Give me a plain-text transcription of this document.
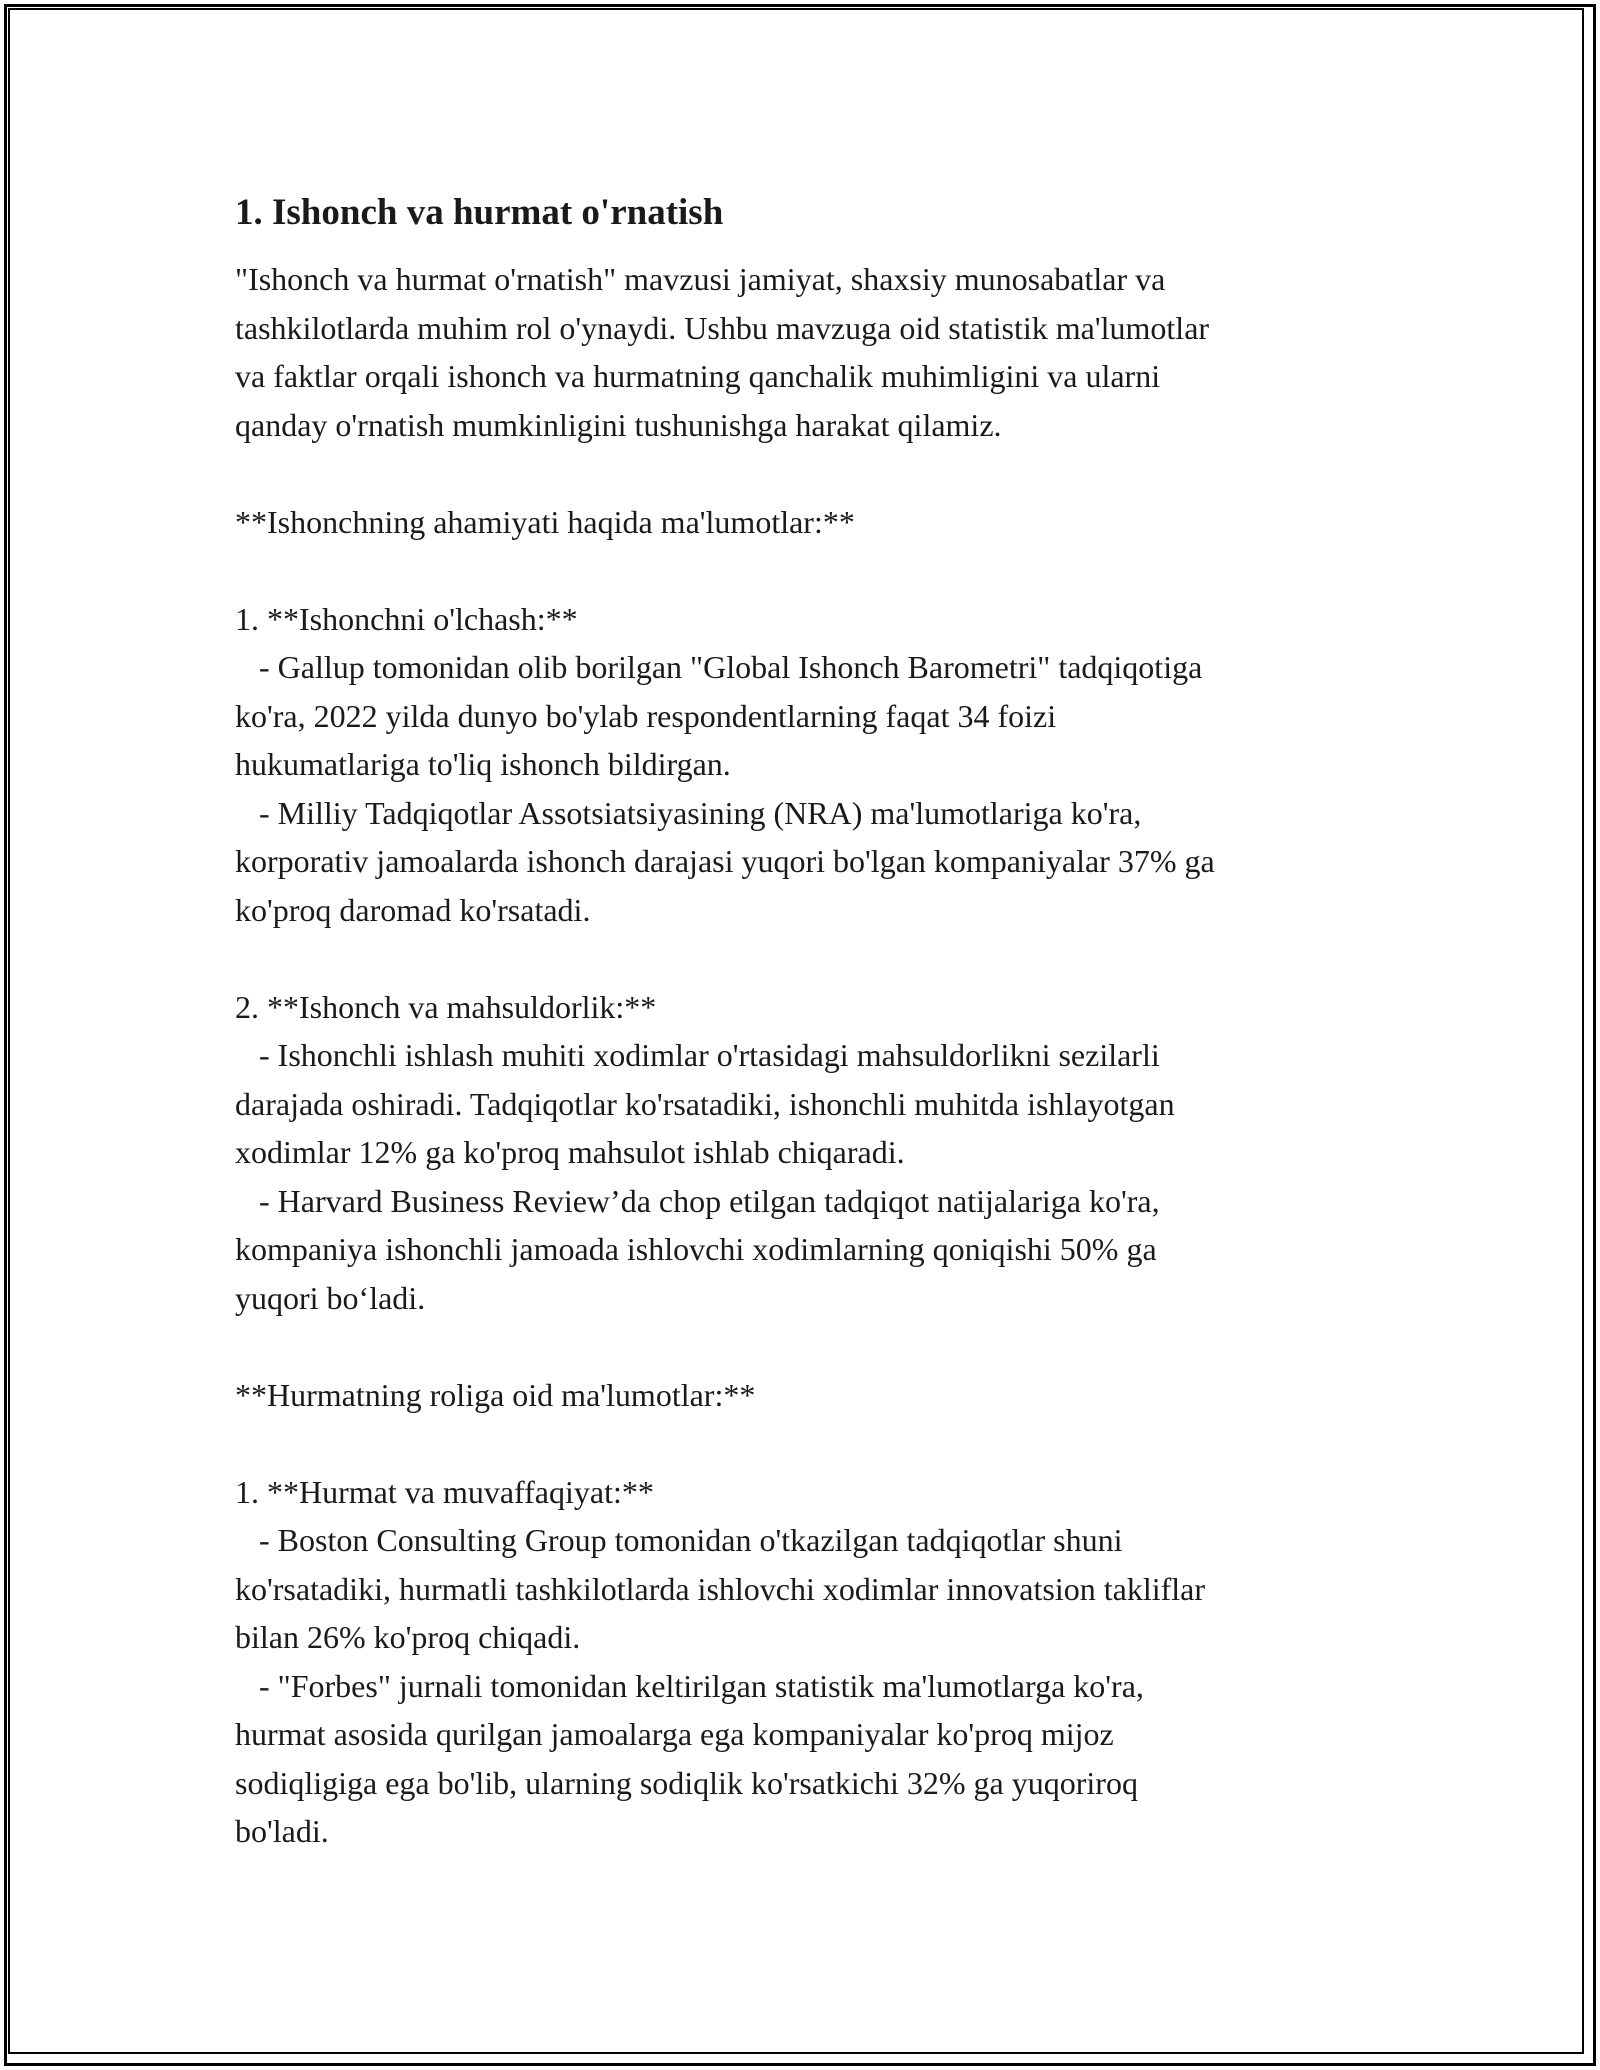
1. Ishonch va hurmat o'rnatish
"Ishonch va hurmat o'rnatish" mavzusi jamiyat, shaxsiy munosabatlar va
tashkilotlarda muhim rol o'ynaydi. Ushbu mavzuga oid statistik ma'lumotlar
va faktlar orqali ishonch va hurmatning qanchalik muhimligini va ularni
qanday o'rnatish mumkinligini tushunishga harakat qilamiz.
**Ishonchning ahamiyati haqida ma'lumotlar:**
1. **Ishonchni o'lchash:**
- Gallup tomonidan olib borilgan "Global Ishonch Barometri" tadqiqotiga
ko'ra, 2022 yilda dunyo bo'ylab respondentlarning faqat 34 foizi
hukumatlariga to'liq ishonch bildirgan.
- Milliy Tadqiqotlar Assotsiatsiyasining (NRA) ma'lumotlariga ko'ra,
korporativ jamoalarda ishonch darajasi yuqori bo'lgan kompaniyalar 37% ga
ko'proq daromad ko'rsatadi.
2. **Ishonch va mahsuldorlik:**
- Ishonchli ishlash muhiti xodimlar o'rtasidagi mahsuldorlikni sezilarli
darajada oshiradi. Tadqiqotlar ko'rsatadiki, ishonchli muhitda ishlayotgan
xodimlar 12% ga ko'proq mahsulot ishlab chiqaradi.
- Harvard Business Review’da chop etilgan tadqiqot natijalariga ko'ra,
kompaniya ishonchli jamoada ishlovchi xodimlarning qoniqishi 50% ga
yuqori bo‘ladi.
**Hurmatning roliga oid ma'lumotlar:**
1. **Hurmat va muvaffaqiyat:**
- Boston Consulting Group tomonidan o'tkazilgan tadqiqotlar shuni
ko'rsatadiki, hurmatli tashkilotlarda ishlovchi xodimlar innovatsion takliflar
bilan 26% ko'proq chiqadi.
- "Forbes" jurnali tomonidan keltirilgan statistik ma'lumotlarga ko'ra,
hurmat asosida qurilgan jamoalarga ega kompaniyalar ko'proq mijoz
sodiqligiga ega bo'lib, ularning sodiqlik ko'rsatkichi 32% ga yuqoriroq
bo'ladi.
